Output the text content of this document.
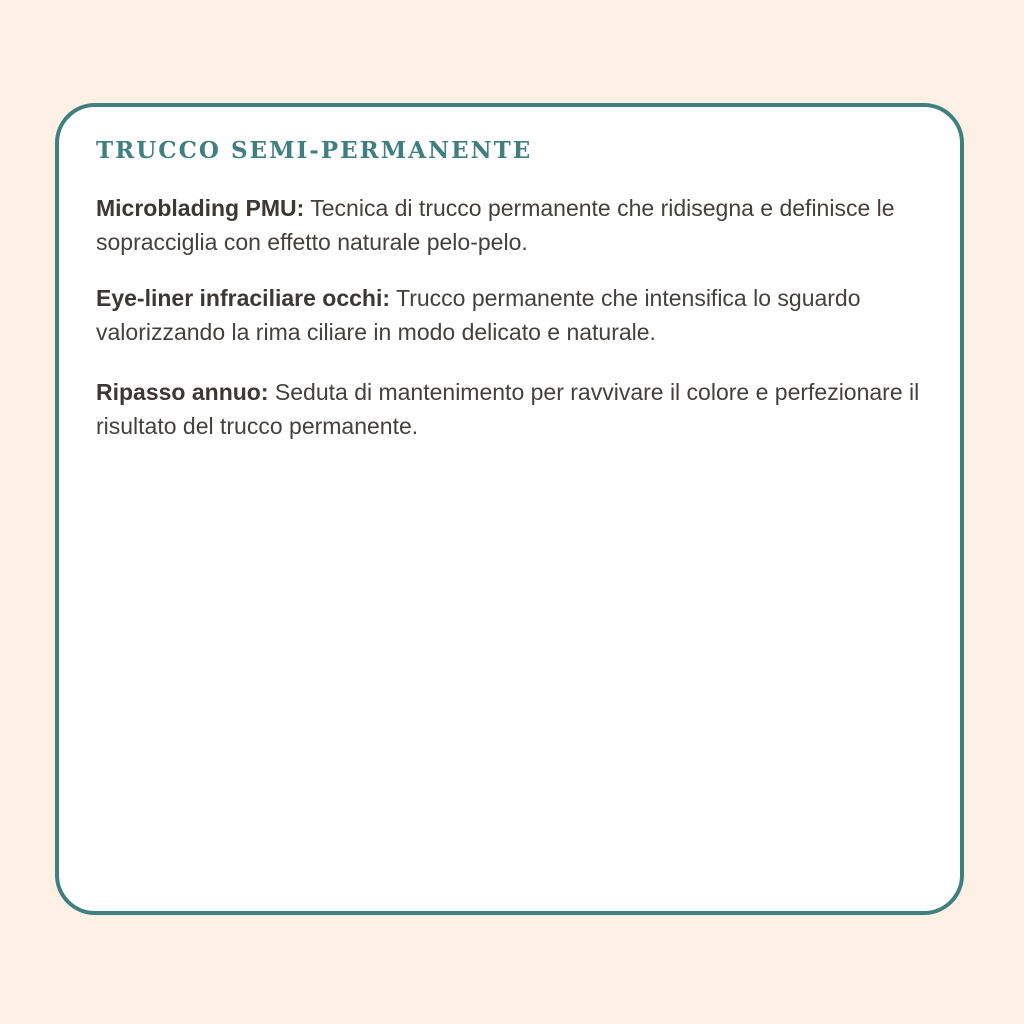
TRUCCO SEMI-PERMANENTE

Microblading PMU: Tecnica di trucco permanente che ridisegna e definisce le sopracciglia con effetto naturale pelo-pelo.

Eye-liner infraciliare occhi: Trucco permanente che intensifica lo sguardo valorizzando la rima ciliare in modo delicato e naturale.

Ripasso annuo: Seduta di mantenimento per ravvivare il colore e perfezionare il risultato del trucco permanente.
